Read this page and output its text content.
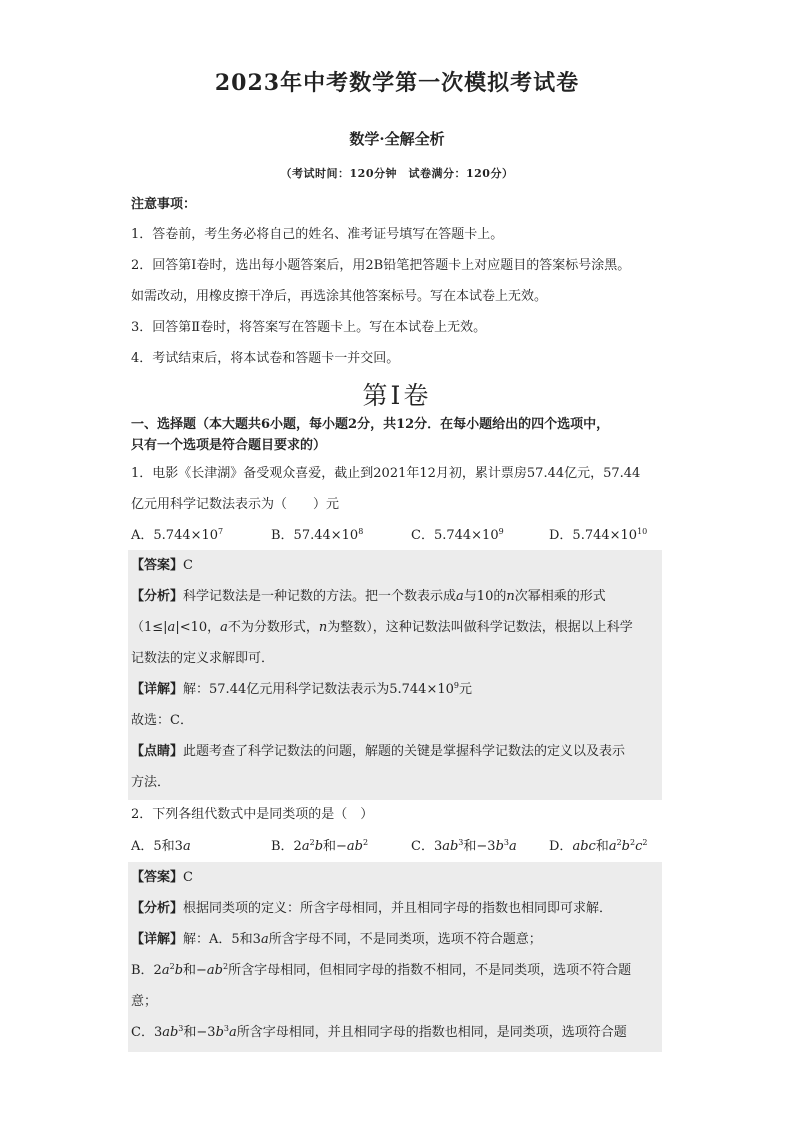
2023年中考数学第一次模拟考试卷
数学·全解全析
（考试时间：120分钟　试卷满分：120分）
注意事项：
1．答卷前，考生务必将自己的姓名、准考证号填写在答题卡上。
2．回答第Ⅰ卷时，选出每小题答案后，用2B铅笔把答题卡上对应题目的答案标号涂黑。
如需改动，用橡皮擦干净后，再选涂其他答案标号。写在本试卷上无效。
3．回答第Ⅱ卷时，将答案写在答题卡上。写在本试卷上无效。
4．考试结束后，将本试卷和答题卡一并交回。
第Ⅰ卷
一、选择题（本大题共6小题，每小题2分，共12分．在每小题给出的四个选项中，
只有一个选项是符合题目要求的）
1．电影《长津湖》备受观众喜爱，截止到2021年12月初，累计票房57.44亿元，57.44
亿元用科学记数法表示为（　　）元
A．$5.744\times 10^7$	B．$57.44\times 10^8$	C．$5.744\times 10^9$	D．$5.744\times 10^{10}$
【答案】C
【分析】科学记数法是一种记数的方法。把一个数表示成a与10的n次幂相乘的形式
（1≤|a|<10，a不为分数形式，n为整数），这种记数法叫做科学记数法，根据以上科学
记数法的定义求解即可．
【详解】解：57.44亿元用科学记数法表示为$5.744\times 10^9$元
故选：C．
【点睛】此题考查了科学记数法的问题，解题的关键是掌握科学记数法的定义以及表示
方法．
2．下列各组代数式中是同类项的是（　）
A．5和3a	B．$2a^2b$和$-ab^2$	C．$3ab^3$和$-3b^3a$ D．abc和$a^2b^2c^2$
【答案】C
【分析】根据同类项的定义：所含字母相同，并且相同字母的指数也相同即可求解．
【详解】解：A．5和3a所含字母不同，不是同类项，选项不符合题意；
B．$2a^2b$和$-ab^2$所含字母相同，但相同字母的指数不相同，不是同类项，选项不符合题
意；
C．$3ab^3$和$-3b^3a$所含字母相同，并且相同字母的指数也相同，是同类项，选项符合题
